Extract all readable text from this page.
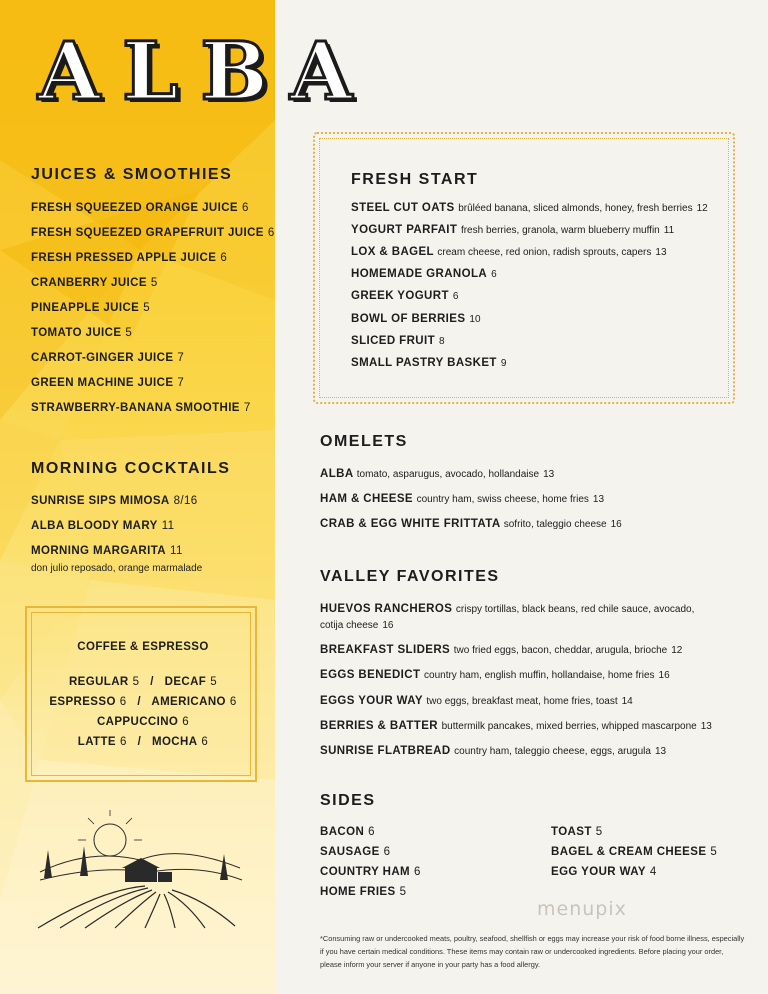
JUICES & SMOOTHIES
FRESH SQUEEZED ORANGE JUICE 6
FRESH SQUEEZED GRAPEFRUIT JUICE 6
FRESH PRESSED APPLE JUICE 6
CRANBERRY JUICE 5
PINEAPPLE JUICE 5
TOMATO JUICE 5
CARROT-GINGER JUICE 7
GREEN MACHINE JUICE 7
STRAWBERRY-BANANA SMOOTHIE 7
MORNING COCKTAILS
SUNRISE SIPS MIMOSA 8/16
ALBA BLOODY MARY 11
MORNING MARGARITA 11
don julio reposado, orange marmalade
COFFEE & ESPRESSO
REGULAR 5 / DECAF 5
ESPRESSO 6 / AMERICANO 6
CAPPUCCINO 6
LATTE 6 / MOCHA 6
ALBA
FRESH START
STEEL CUT OATS brûléed banana, sliced almonds, honey, fresh berries 12
YOGURT PARFAIT fresh berries, granola, warm blueberry muffin 11
LOX & BAGEL cream cheese, red onion, radish sprouts, capers 13
HOMEMADE GRANOLA 6
GREEK YOGURT 6
BOWL OF BERRIES 10
SLICED FRUIT 8
SMALL PASTRY BASKET 9
OMELETS
ALBA tomato, asparugus, avocado, hollandaise 13
HAM & CHEESE country ham, swiss cheese, home fries 13
CRAB & EGG WHITE FRITTATA sofrito, taleggio cheese 16
VALLEY FAVORITES
HUEVOS RANCHEROS crispy tortillas, black beans, red chile sauce, avocado,
cotija cheese 16
BREAKFAST SLIDERS two fried eggs, bacon, cheddar, arugula, brioche 12
EGGS BENEDICT country ham, english muffin, hollandaise, home fries 16
EGGS YOUR WAY two eggs, breakfast meat, home fries, toast 14
BERRIES & BATTER buttermilk pancakes, mixed berries, whipped mascarpone 13
SUNRISE FLATBREAD country ham, taleggio cheese, eggs, arugula 13
SIDES
BACON 6
SAUSAGE 6
COUNTRY HAM 6
HOME FRIES 5
TOAST 5
BAGEL & CREAM CHEESE 5
EGG YOUR WAY 4
menupix
*Consuming raw or undercooked meats, poultry, seafood, shellfish or eggs may increase your risk of food borne illness, especially if you have certain medical conditions. These items may contain raw or undercooked ingredients. Before placing your order, please inform your server if anyone in your party has a food allergy.
